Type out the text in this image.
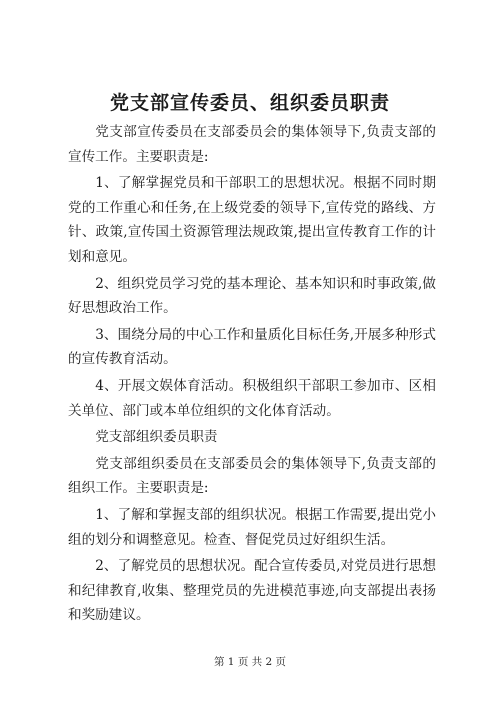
党支部宣传委员、组织委员职责

党支部宣传委员在支部委员会的集体领导下,负责支部的宣传工作。主要职责是:

1、了解掌握党员和干部职工的思想状况。根据不同时期党的工作重心和任务,在上级党委的领导下,宣传党的路线、方针、政策,宣传国土资源管理法规政策,提出宣传教育工作的计划和意见。

2、组织党员学习党的基本理论、基本知识和时事政策,做好思想政治工作。

3、围绕分局的中心工作和量质化目标任务,开展多种形式的宣传教育活动。

4、开展文娱体育活动。积极组织干部职工参加市、区相关单位、部门或本单位组织的文化体育活动。

党支部组织委员职责

党支部组织委员在支部委员会的集体领导下,负责支部的组织工作。主要职责是:

1、了解和掌握支部的组织状况。根据工作需要,提出党小组的划分和调整意见。检查、督促党员过好组织生活。

2、了解党员的思想状况。配合宣传委员,对党员进行思想和纪律教育,收集、整理党员的先进模范事迹,向支部提出表扬和奖励建议。

第 1 页 共 2 页
